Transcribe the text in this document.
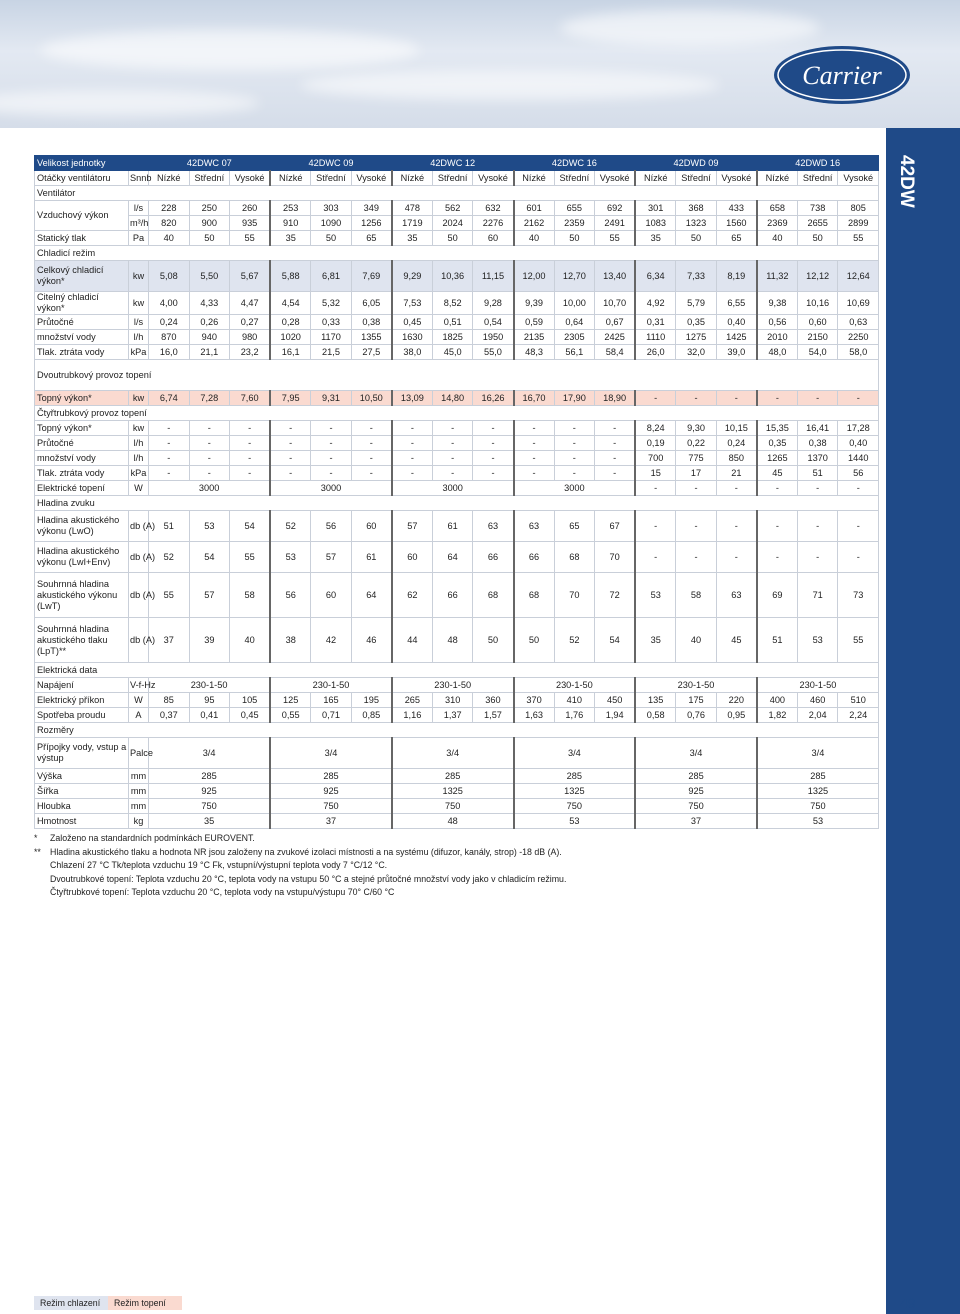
Carrier
42DW
Velikost jednotky		42DWC 07			42DWC 09			42DWC 12			42DWC 16			42DWD 09			42DWD 16		
Otáčky ventilátoru	Snnb	Nízké	Střední	Vysoké	Nízké	Střední	Vysoké	Nízké	Střední	Vysoké	Nízké	Střední	Vysoké	Nízké	Střední	Vysoké	Nízké	Střední	Vysoké
Ventilátor																			
Vzduchový výkon	l/s	228	250	260	253	303	349	478	562	632	601	655	692	301	368	433	658	738	805
	m³/h	820	900	935	910	1090	1256	1719	2024	2276	2162	2359	2491	1083	1323	1560	2369	2655	2899
Statický tlak	Pa	40	50	55	35	50	65	35	50	60	40	50	55	35	50	65	40	50	55
Chladicí režim																			
Celkový chladicí výkon*	kw	5,08	5,50	5,67	5,88	6,81	7,69	9,29	10,36	11,15	12,00	12,70	13,40	6,34	7,33	8,19	11,32	12,12	12,64
Citelný chladicí výkon*	kw	4,00	4,33	4,47	4,54	5,32	6,05	7,53	8,52	9,28	9,39	10,00	10,70	4,92	5,79	6,55	9,38	10,16	10,69
Průtočné	l/s	0,24	0,26	0,27	0,28	0,33	0,38	0,45	0,51	0,54	0,59	0,64	0,67	0,31	0,35	0,40	0,56	0,60	0,63
množství vody	l/h	870	940	980	1020	1170	1355	1630	1825	1950	2135	2305	2425	1110	1275	1425	2010	2150	2250
Tlak. ztráta vody	kPa	16,0	21,1	23,2	16,1	21,5	27,5	38,0	45,0	55,0	48,3	56,1	58,4	26,0	32,0	39,0	48,0	54,0	58,0
Dvoutrubkový provoz topení																			
Topný výkon*	kw	6,74	7,28	7,60	7,95	9,31	10,50	13,09	14,80	16,26	16,70	17,90	18,90	-	-	-	-	-	-
Čtyřtrubkový provoz topení																			
Topný výkon*	kw	-	-	-	-	-	-	-	-	-	-	-	-	8,24	9,30	10,15	15,35	16,41	17,28
Průtočné	l/h	-	-	-	-	-	-	-	-	-	-	-	-	0,19	0,22	0,24	0,35	0,38	0,40
množství vody	l/h	-	-	-	-	-	-	-	-	-	-	-	-	700	775	850	1265	1370	1440
Tlak. ztráta vody	kPa	-	-	-	-	-	-	-	-	-	-	-	-	15	17	21	45	51	56
Elektrické topení	W	3000			3000			3000			3000			-	-	-	-	-	-
Hladina zvuku																			
Hladina akustického výkonu (LwO)	db (A)	51	53	54	52	56	60	57	61	63	63	65	67	-	-	-	-	-	-
Hladina akustického výkonu (LwI+Env)	db (A)	52	54	55	53	57	61	60	64	66	66	68	70	-	-	-	-	-	-
Souhrnná hladina akustického výkonu (LwT)	db (A)	55	57	58	56	60	64	62	66	68	68	70	72	53	58	63	69	71	73
Souhrnná hladina akustického tlaku (LpT)**	db (A)	37	39	40	38	42	46	44	48	50	50	52	54	35	40	45	51	53	55
Elektrická data																			
Napájení	V-f-Hz	230-1-50			230-1-50			230-1-50			230-1-50			230-1-50			230-1-50		
Elektrický příkon	W	85	95	105	125	165	195	265	310	360	370	410	450	135	175	220	400	460	510
Spotřeba proudu	A	0,37	0,41	0,45	0,55	0,71	0,85	1,16	1,37	1,57	1,63	1,76	1,94	0,58	0,76	0,95	1,82	2,04	2,24
Rozměry																			
Přípojky vody, vstup a výstup	Palce	3/4			3/4			3/4			3/4			3/4			3/4		
Výška	mm	285			285			285			285			285			285		
Šířka	mm	925			925			1325			1325			925			1325		
Hloubka	mm	750			750			750			750			750			750		
Hmotnost	kg	35			37			48			53			37			53		
*	Založeno na standardních podmínkách EUROVENT.
**	Hladina akustického tlaku a hodnota NR jsou založeny na zvukové izolaci místnosti a na systému (difuzor, kanály, strop) -18 dB (A).
Chlazení 27 °C Tk/teplota vzduchu 19 °C Fk, vstupní/výstupní teplota vody 7 °C/12 °C.
Dvoutrubkové topení: Teplota vzduchu 20 °C, teplota vody na vstupu 50 °C a stejné průtočné množství vody jako v chladicím režimu.
Čtyřtrubkové topení: Teplota vzduchu 20 °C, teplota vody na vstupu/výstupu 70° C/60 °C
Režim chlazení	Režim topení	49
